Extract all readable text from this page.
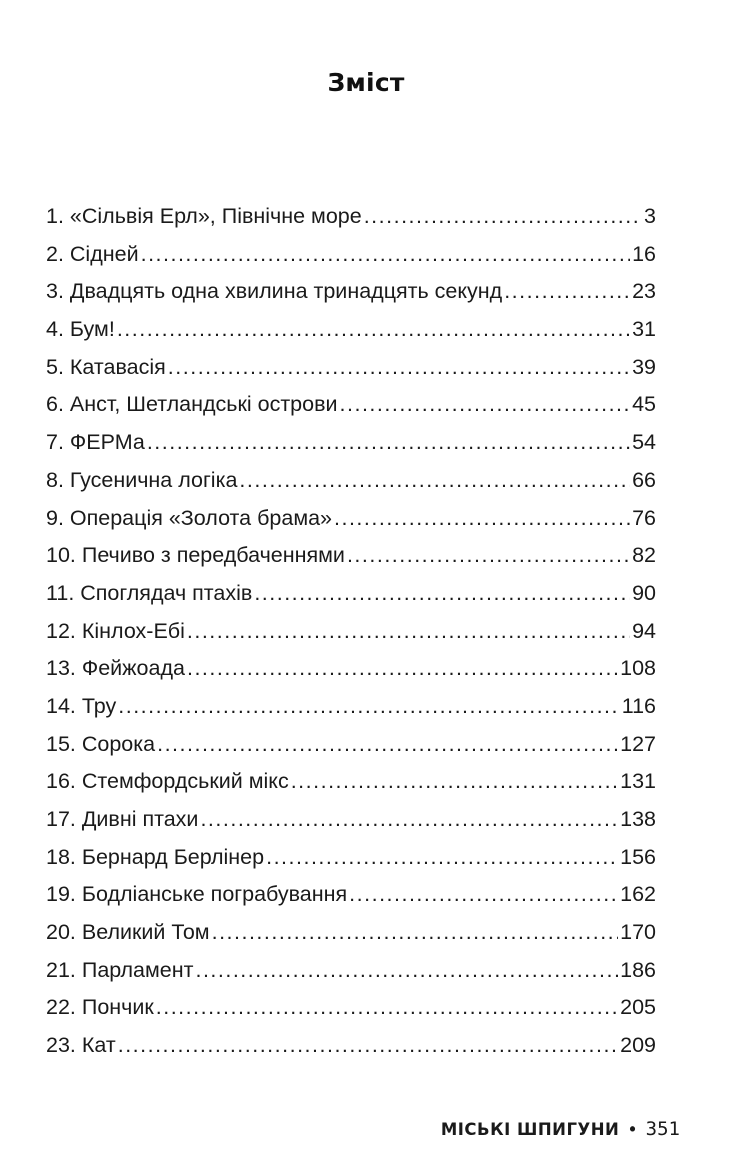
Зміст
1. «Сільвія Ерл», Північне море .....	3
2. Сідней .....	16
3. Двадцять одна хвилина тринадцять секунд .....	23
4. Бум! .....	31
5. Катавасія .....	39
6. Анст, Шетландські острови .....	45
7. ФЕРМа .....	54
8. Гусенична логіка .....	66
9. Операція «Золота брама» .....	76
10. Печиво з передбаченнями .....	82
11. Споглядач птахів .....	90
12. Кінлох-Ебі .....	94
13. Фейжоада .....	108
14. Тру .....	116
15. Сорока .....	127
16. Стемфордський мікс .....	131
17. Дивні птахи .....	138
18. Бернард Берлінер .....	156
19. Бодліанське пограбування .....	162
20. Великий Том .....	170
21. Парламент .....	186
22. Пончик .....	205
23. Кат .....	209
МІСЬКІ ШПИГУНИ • 351
